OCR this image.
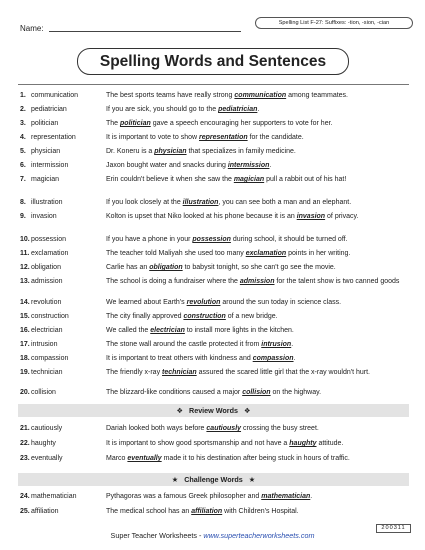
Name:
Spelling List F-27: Suffixes: -tion, -sion, -cian
Spelling Words and Sentences
1. communication	The best sports teams have really strong communication among teammates.
2. pediatrician	If you are sick, you should go to the pediatrician.
3. politician	The politician gave a speech encouraging her supporters to vote for her.
4. representation	It is important to vote to show representation for the candidate.
5. physician	Dr. Koneru is a physician that specializes in family medicine.
6. intermission	Jaxon bought water and snacks during intermission.
7. magician	Erin couldn't believe it when she saw the magician pull a rabbit out of his hat!
8. illustration	If you look closely at the illustration, you can see both a man and an elephant.
9. invasion	Kolton is upset that Niko looked at his phone because it is an invasion of privacy.
10. possession	If you have a phone in your possession during school, it should be turned off.
11. exclamation	The teacher told Maliyah she used too many exclamation points in her writing.
12. obligation	Carlie has an obligation to babysit tonight, so she can't go see the movie.
13. admission	The school is doing a fundraiser where the admission for the talent show is two canned goods
14. revolution	We learned about Earth's revolution around the sun today in science class.
15. construction	The city finally approved construction of a new bridge.
16. electrician	We called the electrician to install more lights in the kitchen.
17. intrusion	The stone wall around the castle protected it from intrusion.
18. compassion	It is important to treat others with kindness and compassion.
19. technician	The friendly x-ray technician assured the scared little girl that the x-ray wouldn't hurt.
20. collision	The blizzard-like conditions caused a major collision on the highway.
❖ Review Words ❖
21. cautiously	Dariah looked both ways before cautiously crossing the busy street.
22. haughty	It is important to show good sportsmanship and not have a haughty attitude.
23. eventually	Marco eventually made it to his destination after being stuck in hours of traffic.
★ Challenge Words ★
24. mathematician	Pythagoras was a famous Greek philosopher and mathematician.
25. affiliation	The medical school has an affiliation with Children's Hospital.
Super Teacher Worksheets - www.superteacherworksheets.com
200311
